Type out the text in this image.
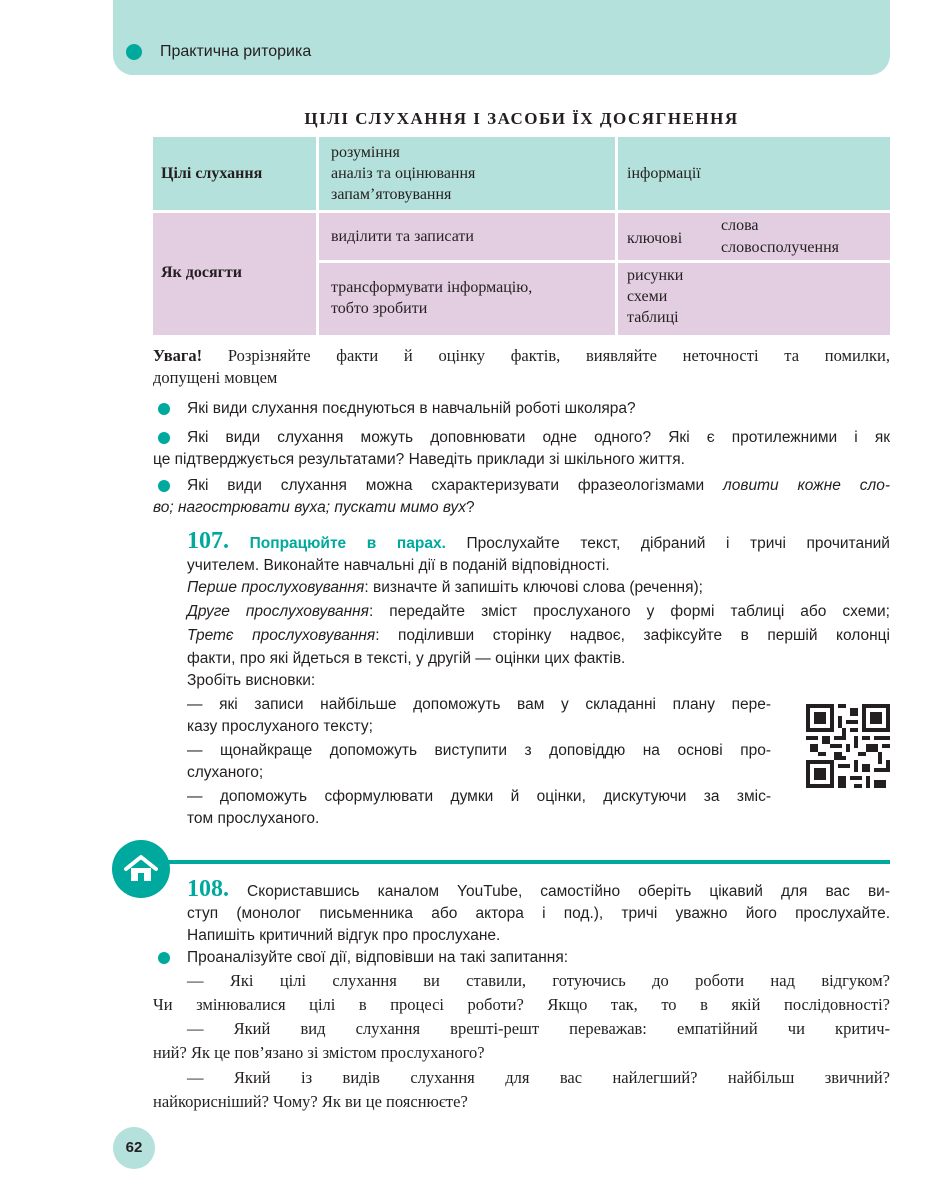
Практична риторика
ЦІЛІ СЛУХАННЯ І ЗАСОБИ ЇХ ДОСЯГНЕННЯ
Цілі слухання
розуміння
аналіз та оцінювання
запам’ятовування
інформації
Як досягти
виділити та записати	ключові
слова
словосполучення
трансформувати інформацію,
тобто зробити
рисунки
схеми
таблиці
Увага! Розрізняйте факти й оцінку фактів, виявляйте неточності та помилки,
допущені мовцем
Які види слухання поєднуються в навчальній роботі школяра?
Які види слухання можуть доповнювати одне одного? Які є протилежними і як
це підтверджується результатами? Наведіть приклади зі шкільного життя.
Які види слухання можна схарактеризувати фразеологізмами ловити кожне сло-
во; нагострювати вуха; пускати мимо вух?
107. Попрацюйте в парах. Прослухайте текст, дібраний і тричі прочитаний
учителем. Виконайте навчальні дії в поданій відповідності.
Перше прослуховування: визначте й запишіть ключові слова (речення);
Друге прослуховування: передайте зміст прослуханого у формі таблиці або схеми;
Третє прослуховування: поділивши сторінку надвоє, зафіксуйте в першій колонці
факти, про які йдеться в тексті, у другій — оцінки цих фактів.
Зробіть висновки:
— які записи найбільше допоможуть вам у складанні плану пере-
казу прослуханого тексту;
— щонайкраще допоможуть виступити з доповіддю на основі про-
слуханого;
— допоможуть сформулювати думки й оцінки, дискутуючи за зміс-
том прослуханого.
108. Скориставшись каналом YouTube, самостійно оберіть цікавий для вас ви-
ступ (монолог письменника або актора і под.), тричі уважно його прослухайте.
Напишіть критичний відгук про прослухане.
Проаналізуйте свої дії, відповівши на такі запитання:
— Які цілі слухання ви ставили, готуючись до роботи над відгуком?
Чи змінювалися цілі в процесі роботи? Якщо так, то в якій послідовності?
— Який вид слухання врешті-решт переважав: емпатійний чи критич-
ний? Як це пов’язано зі змістом прослуханого?
— Який із видів слухання для вас найлегший? найбільш звичний?
найкорисніший? Чому? Як ви це пояснюєте?
62
